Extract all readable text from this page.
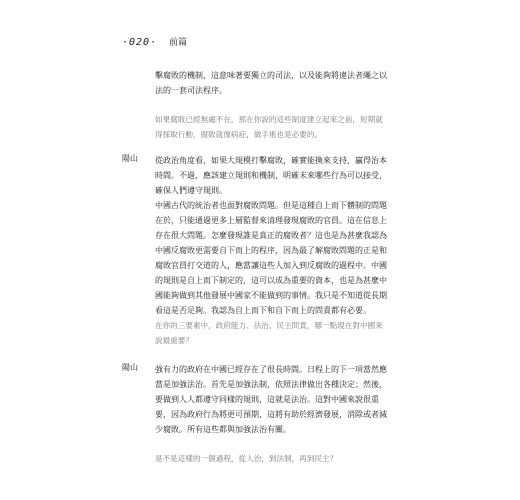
·020· 前篇
擊腐敗的機制，這意味著要獨立的司法，以及能夠將違法者繩之以
法的一套司法程序。
如果腐敗已經無處不在，那在你說的這些制度建立起來之前，短期就
得採取行動，腐敗就像病症，做手術也是必要的。
陽山 從政治角度看，如果大規模打擊腐敗，確實能換來支持，贏得治本
時間。不過，應該建立規則和機制，明確未來哪些行為可以接受，
確保人們遵守規則。
中國古代的統治者也面對腐敗問題。但是這種自上而下體制的問題
在於，只能通過更多上層監督來清理發現腐敗的官員。這在信息上
存在很大問題。怎麼發現誰是真正的腐敗者？這也是為甚麼我認為
中國反腐敗更需要自下而上的程序，因為最了解腐敗問題的正是和
腐敗官員打交道的人，應當讓這些人加入到反腐敗的過程中。中國
的規則是自上而下制定的，這可以成為重要的資本，也是為甚麼中
國能夠做到其他發展中國家不能做到的事情。我只是不知道從長期
看這是否足夠。我認為自上而下和自下而上的問責都有必要。
在你的三要素中，政府能力、法治、民主問責，哪一點現在對中國來
說最重要？
陽山 強有力的政府在中國已經存在了很長時間。日程上的下一項當然應
當是加強法治。首先是加強法制，依照法律做出各種決定；然後，
要做到人人都遵守同樣的規則，這就是法治。這對中國來說很重
要，因為政府行為將更可預期，這將有助於經濟發展，消除或者減
少腐敗。所有這些都與加強法治有關。
是不是這樣的一個過程，從人治，到法制，再到民主？
